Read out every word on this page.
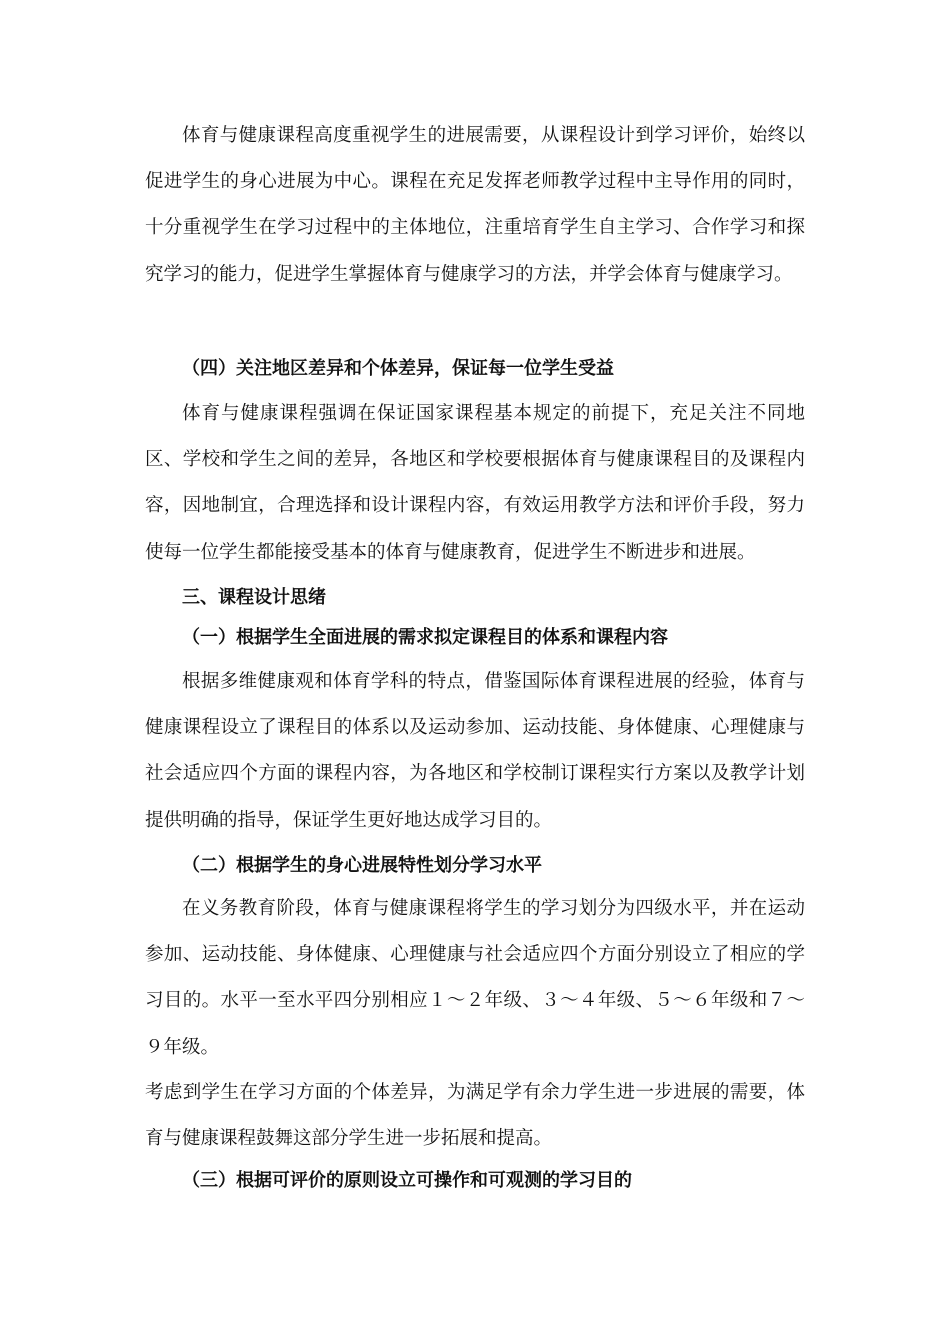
体育与健康课程高度重视学生的进展需要，从课程设计到学习评价，始终以促进学生的身心进展为中心。课程在充足发挥老师教学过程中主导作用的同时，十分重视学生在学习过程中的主体地位，注重培育学生自主学习、合作学习和探究学习的能力，促进学生掌握体育与健康学习的方法，并学会体育与健康学习。

（四）关注地区差异和个体差异，保证每一位学生受益

体育与健康课程强调在保证国家课程基本规定的前提下，充足关注不同地区、学校和学生之间的差异，各地区和学校要根据体育与健康课程目的及课程内容，因地制宜，合理选择和设计课程内容，有效运用教学方法和评价手段，努力使每一位学生都能接受基本的体育与健康教育，促进学生不断进步和进展。

三、课程设计思绪
（一）根据学生全面进展的需求拟定课程目的体系和课程内容

根据多维健康观和体育学科的特点，借鉴国际体育课程进展的经验，体育与健康课程设立了课程目的体系以及运动参加、运动技能、身体健康、心理健康与社会适应四个方面的课程内容，为各地区和学校制订课程实行方案以及教学计划提供明确的指导，保证学生更好地达成学习目的。

（二）根据学生的身心进展特性划分学习水平

在义务教育阶段，体育与健康课程将学生的学习划分为四级水平，并在运动参加、运动技能、身体健康、心理健康与社会适应四个方面分别设立了相应的学习目的。水平一至水平四分别相应１～２年级、３～４年级、５～６年级和７～９年级。

考虑到学生在学习方面的个体差异，为满足学有余力学生进一步进展的需要，体育与健康课程鼓舞这部分学生进一步拓展和提高。

（三）根据可评价的原则设立可操作和可观测的学习目的
